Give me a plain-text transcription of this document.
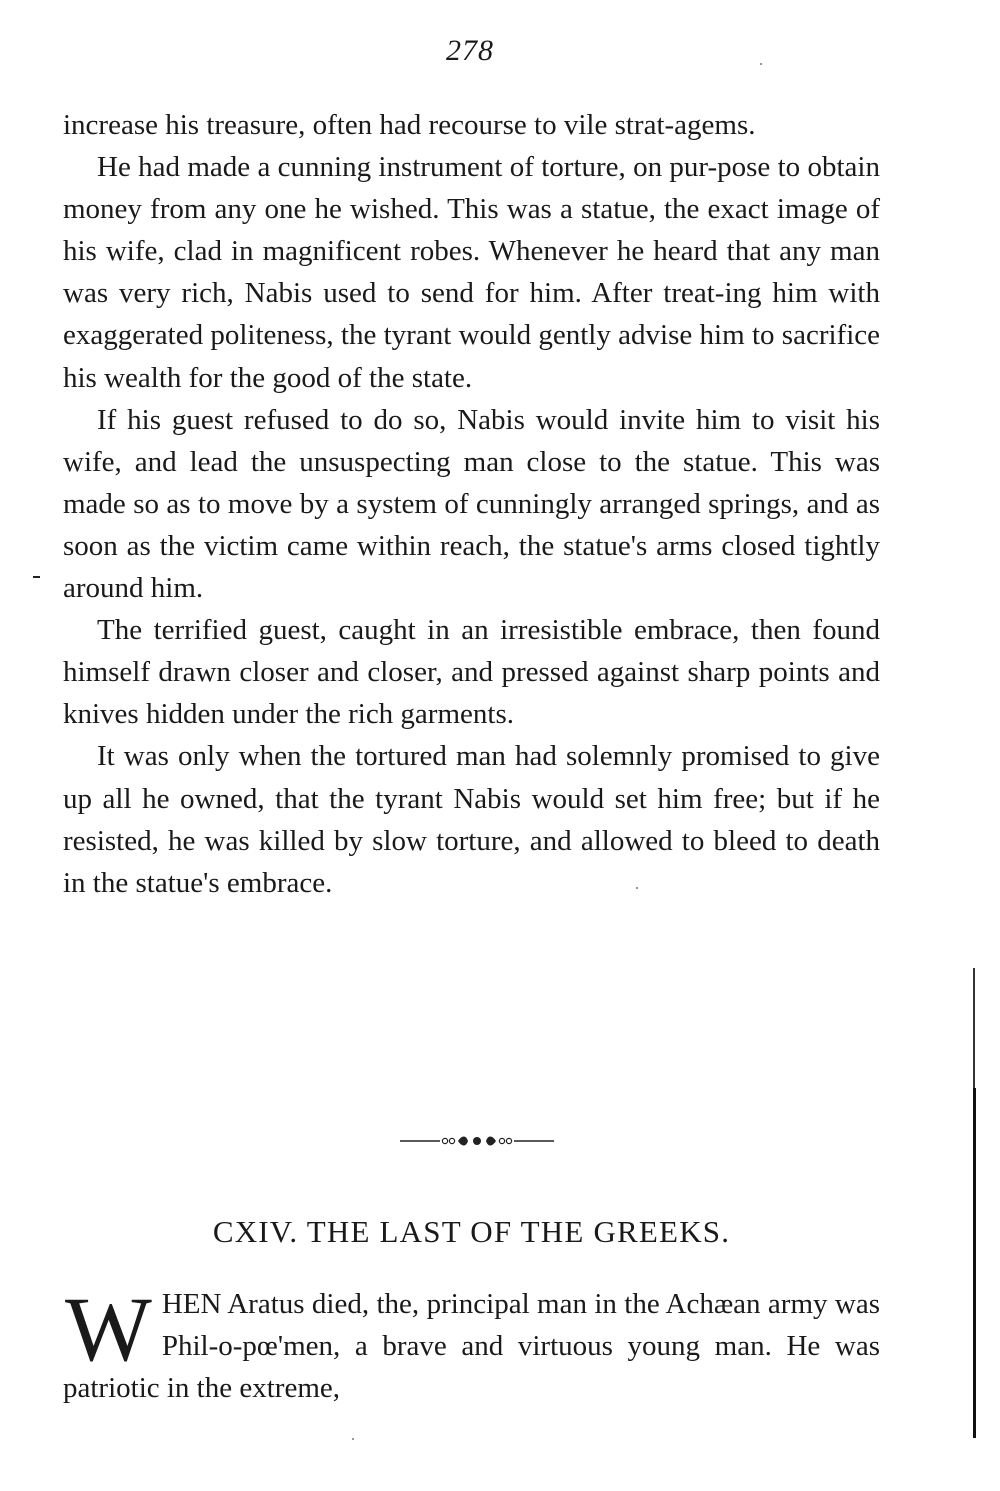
278

increase his treasure, often had recourse to vile strat-agems.

He had made a cunning instrument of torture, on pur-pose to obtain money from any one he wished. This was a statue, the exact image of his wife, clad in magnificent robes. Whenever he heard that any man was very rich, Nabis used to send for him. After treat-ing him with exaggerated politeness, the tyrant would gently advise him to sacrifice his wealth for the good of the state.

If his guest refused to do so, Nabis would invite him to visit his wife, and lead the unsuspecting man close to the statue. This was made so as to move by a system of cunningly arranged springs, and as soon as the victim came within reach, the statue's arms closed tightly around him.

The terrified guest, caught in an irresistible embrace, then found himself drawn closer and closer, and pressed against sharp points and knives hidden under the rich garments.

It was only when the tortured man had solemnly promised to give up all he owned, that the tyrant Nabis would set him free; but if he resisted, he was killed by slow torture, and allowed to bleed to death in the statue's embrace.

CXIV. THE LAST OF THE GREEKS.
WHEN Aratus died, the, principal man in the Achæan army was Phil-o-pœ'men, a brave and virtuous young man. He was patriotic in the extreme,
